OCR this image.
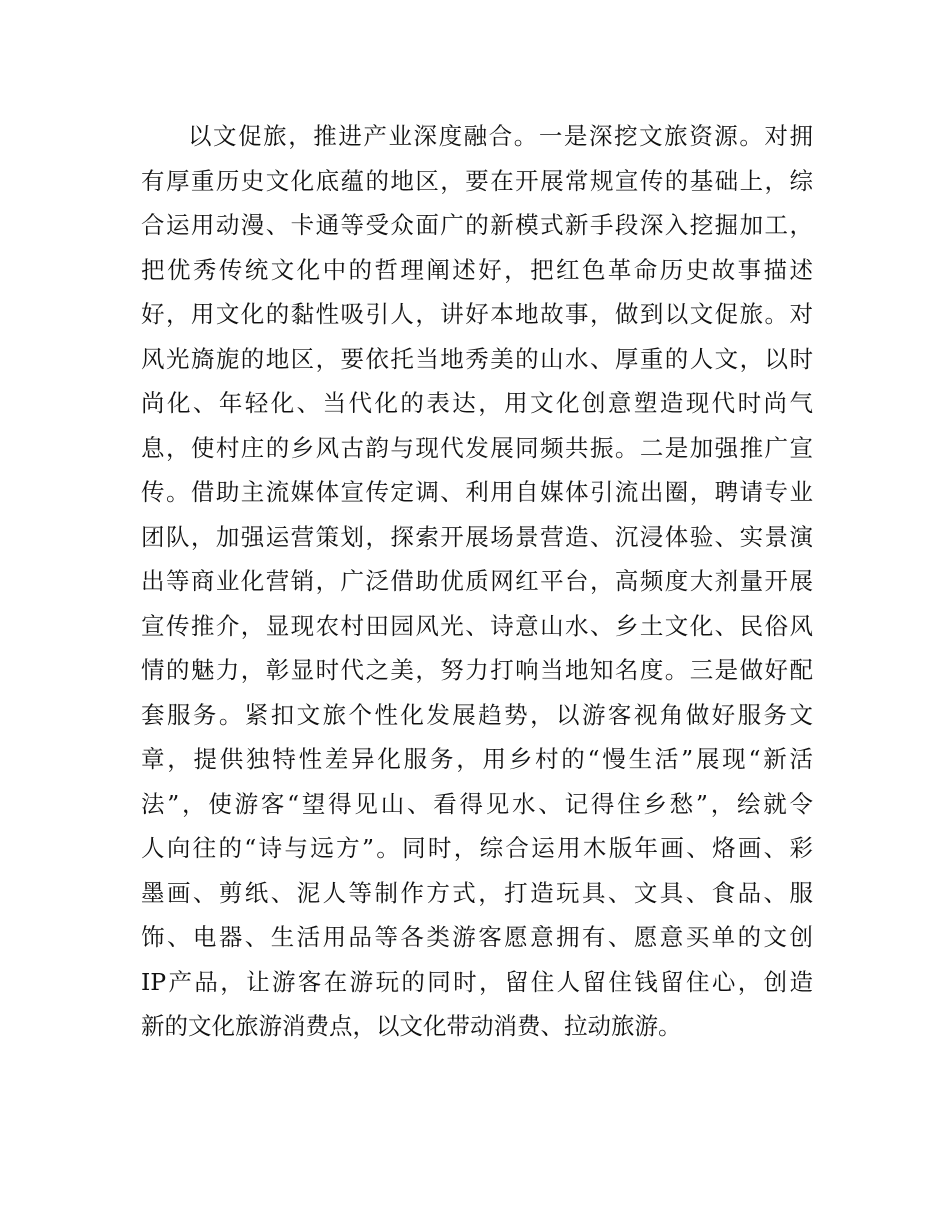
以文促旅，推进产业深度融合。一是深挖文旅资源。对拥
有厚重历史文化底蕴的地区，要在开展常规宣传的基础上，综
合运用动漫、卡通等受众面广的新模式新手段深入挖掘加工，
把优秀传统文化中的哲理阐述好，把红色革命历史故事描述
好，用文化的黏性吸引人，讲好本地故事，做到以文促旅。对
风光旖旎的地区，要依托当地秀美的山水、厚重的人文，以时
尚化、年轻化、当代化的表达，用文化创意塑造现代时尚气
息，使村庄的乡风古韵与现代发展同频共振。二是加强推广宣
传。借助主流媒体宣传定调、利用自媒体引流出圈，聘请专业
团队，加强运营策划，探索开展场景营造、沉浸体验、实景演
出等商业化营销，广泛借助优质网红平台，高频度大剂量开展
宣传推介，显现农村田园风光、诗意山水、乡土文化、民俗风
情的魅力，彰显时代之美，努力打响当地知名度。三是做好配
套服务。紧扣文旅个性化发展趋势，以游客视角做好服务文
章，提供独特性差异化服务，用乡村的“慢生活”展现“新活
法”，使游客“望得见山、看得见水、记得住乡愁”，绘就令
人向往的“诗与远方”。同时，综合运用木版年画、烙画、彩
墨画、剪纸、泥人等制作方式，打造玩具、文具、食品、服
饰、电器、生活用品等各类游客愿意拥有、愿意买单的文创
IP产品，让游客在游玩的同时，留住人留住钱留住心，创造
新的文化旅游消费点，以文化带动消费、拉动旅游。
